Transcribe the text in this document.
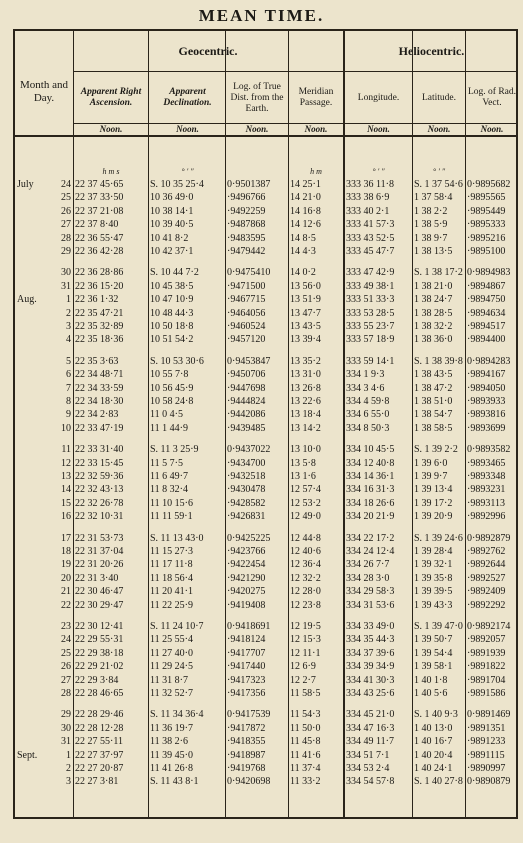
MEAN TIME.
Geocentric.	Heliocentric.
Month and Day.	Apparent Right Ascension.
Apparent Declination.
Log. of True Dist. from the Earth.
Meridian Passage.
Longitude.	Latitude.
Log. of Rad. Vect.
Noon.	Noon.	Noon.	Noon.	Noon.	Noon.	Noon.
h m s	° ′ ″	h m	° ′ ″	° ′ ″
July	24 22 37 45·65	S. 10 35 25·4	0·9501387	14 25·1	333 36 11·8	S. 1 37 54·6 0·9895682
25 22 37 33·50	10 36 49·0	·9496766	14 21·0	333 38 6·9	1 37 58·4	·9895565
26 22 37 21·08	10 38 14·1	·9492259	14 16·8	333 40 2·1	1 38 2·2	·9895449
27 22 37 8·40	10 39 40·5	·9487868	14 12·6	333 41 57·3	1 38 5·9	·9895333
28 22 36 55·47	10 41 8·2	·9483595	14 8·5	333 43 52·5	1 38 9·7	·9895216
29 22 36 42·28	10 42 37·1	·9479442	14 4·3	333 45 47·7	1 38 13·5	·9895100
30 22 36 28·86	S. 10 44 7·2	0·9475410	14 0·2	333 47 42·9	S. 1 38 17·2 0·9894983
31 22 36 15·20	10 45 38·5	·9471500	13 56·0	333 49 38·1	1 38 21·0	·9894867
Aug.	1 22 36 1·32	10 47 10·9	·9467715	13 51·9	333 51 33·3	1 38 24·7	·9894750
2 22 35 47·21	10 48 44·3	·9464056	13 47·7	333 53 28·5	1 38 28·5	·9894634
3 22 35 32·89	10 50 18·8	·9460524	13 43·5	333 55 23·7	1 38 32·2	·9894517
4 22 35 18·36	10 51 54·2	·9457120	13 39·4	333 57 18·9	1 38 36·0	·9894400
5 22 35 3·63	S. 10 53 30·6	0·9453847	13 35·2	333 59 14·1	S. 1 38 39·8 0·9894283
6 22 34 48·71	10 55 7·8	·9450706	13 31·0	334 1 9·3	1 38 43·5	·9894167
7 22 34 33·59	10 56 45·9	·9447698	13 26·8	334 3 4·6	1 38 47·2	·9894050
8 22 34 18·30	10 58 24·8	·9444824	13 22·6	334 4 59·8	1 38 51·0	·9893933
9 22 34 2·83	11 0 4·5	·9442086	13 18·4	334 6 55·0	1 38 54·7	·9893816
10 22 33 47·19	11 1 44·9	·9439485	13 14·2	334 8 50·3	1 38 58·5	·9893699
11 22 33 31·40	S. 11 3 25·9	0·9437022	13 10·0	334 10 45·5	S. 1 39 2·2 0·9893582
12 22 33 15·45	11 5 7·5	·9434700	13 5·8	334 12 40·8	1 39 6·0	·9893465
13 22 32 59·36	11 6 49·7	·9432518	13 1·6	334 14 36·1	1 39 9·7	·9893348
14 22 32 43·13	11 8 32·4	·9430478	12 57·4	334 16 31·3	1 39 13·4	·9893231
15 22 32 26·78	11 10 15·6	·9428582	12 53·2	334 18 26·6	1 39 17·2	·9893113
16 22 32 10·31	11 11 59·1	·9426831	12 49·0	334 20 21·9	1 39 20·9	·9892996
17 22 31 53·73	S. 11 13 43·0	0·9425225	12 44·8	334 22 17·2	S. 1 39 24·6 0·9892879
18 22 31 37·04	11 15 27·3	·9423766	12 40·6	334 24 12·4	1 39 28·4	·9892762
19 22 31 20·26	11 17 11·8	·9422454	12 36·4	334 26 7·7	1 39 32·1	·9892644
20 22 31 3·40	11 18 56·4	·9421290	12 32·2	334 28 3·0	1 39 35·8	·9892527
21 22 30 46·47	11 20 41·1	·9420275	12 28·0	334 29 58·3	1 39 39·5	·9892409
22 22 30 29·47	11 22 25·9	·9419408	12 23·8	334 31 53·6	1 39 43·3	·9892292
23 22 30 12·41	S. 11 24 10·7	0·9418691	12 19·5	334 33 49·0	S. 1 39 47·0 0·9892174
24 22 29 55·31	11 25 55·4	·9418124	12 15·3	334 35 44·3	1 39 50·7	·9892057
25 22 29 38·18	11 27 40·0	·9417707	12 11·1	334 37 39·6	1 39 54·4	·9891939
26 22 29 21·02	11 29 24·5	·9417440	12 6·9	334 39 34·9	1 39 58·1	·9891822
27 22 29 3·84	11 31 8·7	·9417323	12 2·7	334 41 30·3	1 40 1·8	·9891704
28 22 28 46·65	11 32 52·7	·9417356	11 58·5	334 43 25·6	1 40 5·6	·9891586
29 22 28 29·46	S. 11 34 36·4	0·9417539	11 54·3	334 45 21·0	S. 1 40 9·3 0·9891469
30 22 28 12·28	11 36 19·7	·9417872	11 50·0	334 47 16·3	1 40 13·0	·9891351
31 22 27 55·11	11 38 2·6	·9418355	11 45·8	334 49 11·7	1 40 16·7	·9891233
Sept.	1 22 27 37·97	11 39 45·0	·9418987	11 41·6	334 51 7·1	1 40 20·4	·9891115
2 22 27 20·87	11 41 26·8	·9419768	11 37·4	334 53 2·4	1 40 24·1	·9890997
3 22 27 3·81	S. 11 43 8·1	0·9420698	11 33·2	334 54 57·8	S. 1 40 27·8 0·9890879
